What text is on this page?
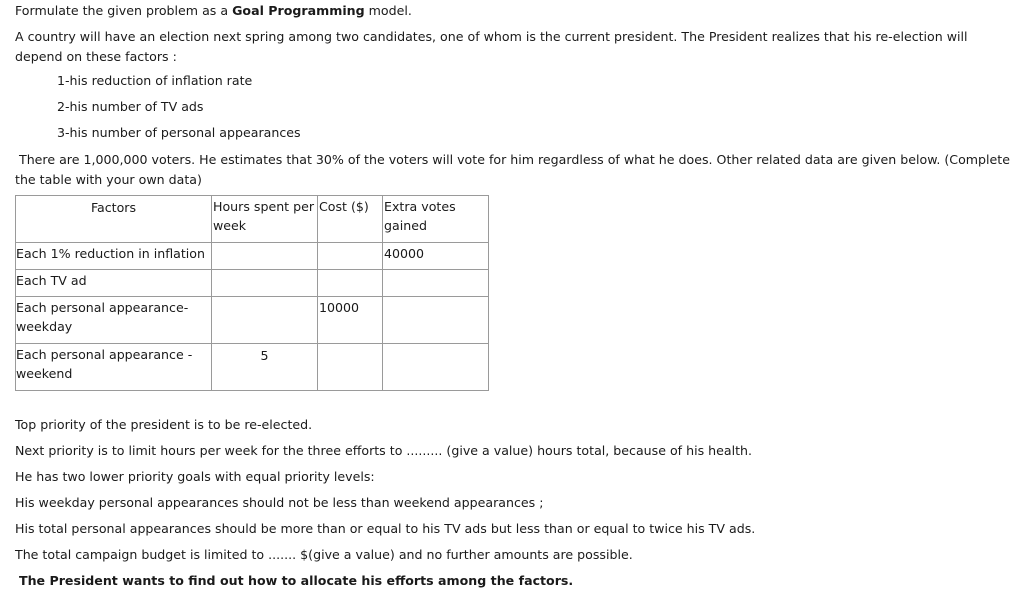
Formulate the given problem as a Goal Programming model.
A country will have an election next spring among two candidates, one of whom is the current president. The President realizes that his re-election will depend on these factors :
1-his reduction of inflation rate
2-his number of TV ads
3-his number of personal appearances
There are 1,000,000 voters. He estimates that 30% of the voters will vote for him regardless of what he does. Other related data are given below. (Complete the table with your own data)
Factors	Hours spent per week	Cost ($)	Extra votes gained
Each 1% reduction in inflation			40000
Each TV ad			
Each personal appearance-weekday		10000	
Each personal appearance - weekend	5		
Top priority of the president is to be re-elected.
Next priority is to limit hours per week for the three efforts to ......... (give a value) hours total, because of his health.
He has two lower priority goals with equal priority levels:
His weekday personal appearances should not be less than weekend appearances ;
His total personal appearances should be more than or equal to his TV ads but less than or equal to twice his TV ads.
The total campaign budget is limited to ....... $(give a value) and no further amounts are possible.
The President wants to find out how to allocate his efforts among the factors.
